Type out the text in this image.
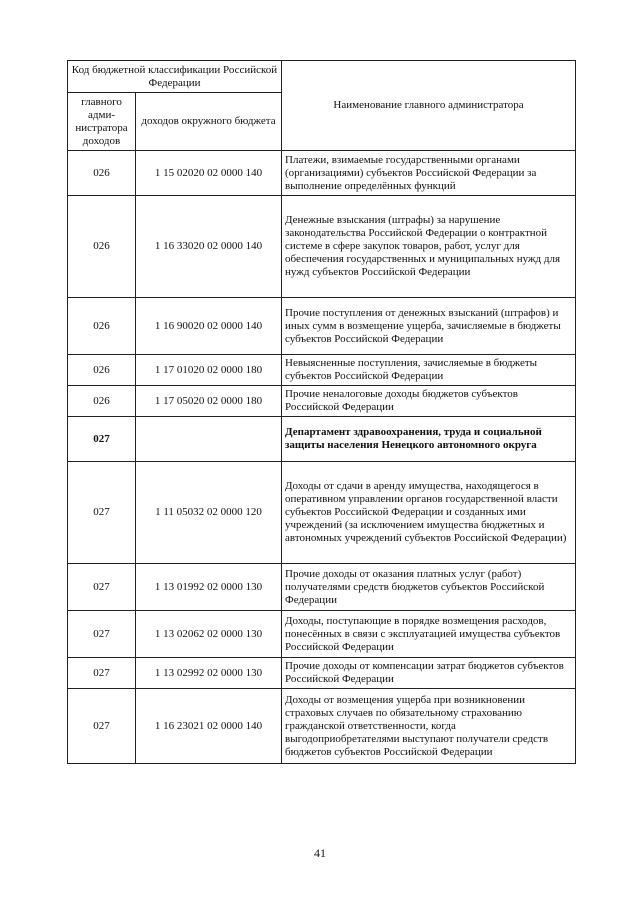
Код бюджетной классификации Российской Федерации		Наименование главного администратора
главного адми-нистратора доходов	доходов окружного бюджета	
026	1 15 02020 02 0000 140	Платежи, взимаемые государственными органами (организациями) субъектов Российской Федерации за выполнение определённых функций
026	1 16 33020 02 0000 140	Денежные взыскания (штрафы) за нарушение законодательства Российской Федерации о контрактной системе в сфере закупок товаров, работ, услуг для обеспечения государственных и муниципальных нужд для нужд субъектов Российской Федерации
026	1 16 90020 02 0000 140	Прочие поступления от денежных взысканий (штрафов) и иных сумм в возмещение ущерба, зачисляемые в бюджеты субъектов Российской Федерации
026	1 17 01020 02 0000 180	Невыясненные поступления, зачисляемые в бюджеты субъектов Российской Федерации
026	1 17 05020 02 0000 180	Прочие неналоговые доходы бюджетов субъектов Российской Федерации
027		Департамент здравоохранения, труда и социальной защиты населения Ненецкого автономного округа
027	1 11 05032 02 0000 120	Доходы от сдачи в аренду имущества, находящегося в оперативном управлении органов государственной власти субъектов Российской Федерации и созданных ими учреждений (за исключением имущества бюджетных и автономных учреждений субъектов Российской Федерации)
027	1 13 01992 02 0000 130	Прочие доходы от оказания платных услуг (работ) получателями средств бюджетов субъектов Российской Федерации
027	1 13 02062 02 0000 130	Доходы, поступающие в порядке возмещения расходов, понесённых в связи с эксплуатацией имущества субъектов Российской Федерации
027	1 13 02992 02 0000 130	Прочие доходы от компенсации затрат бюджетов субъектов Российской Федерации
027	1 16 23021 02 0000 140	Доходы от возмещения ущерба при возникновении страховых случаев по обязательному страхованию гражданской ответственности, когда выгодоприобретателями выступают получатели средств бюджетов субъектов Российской Федерации
41
